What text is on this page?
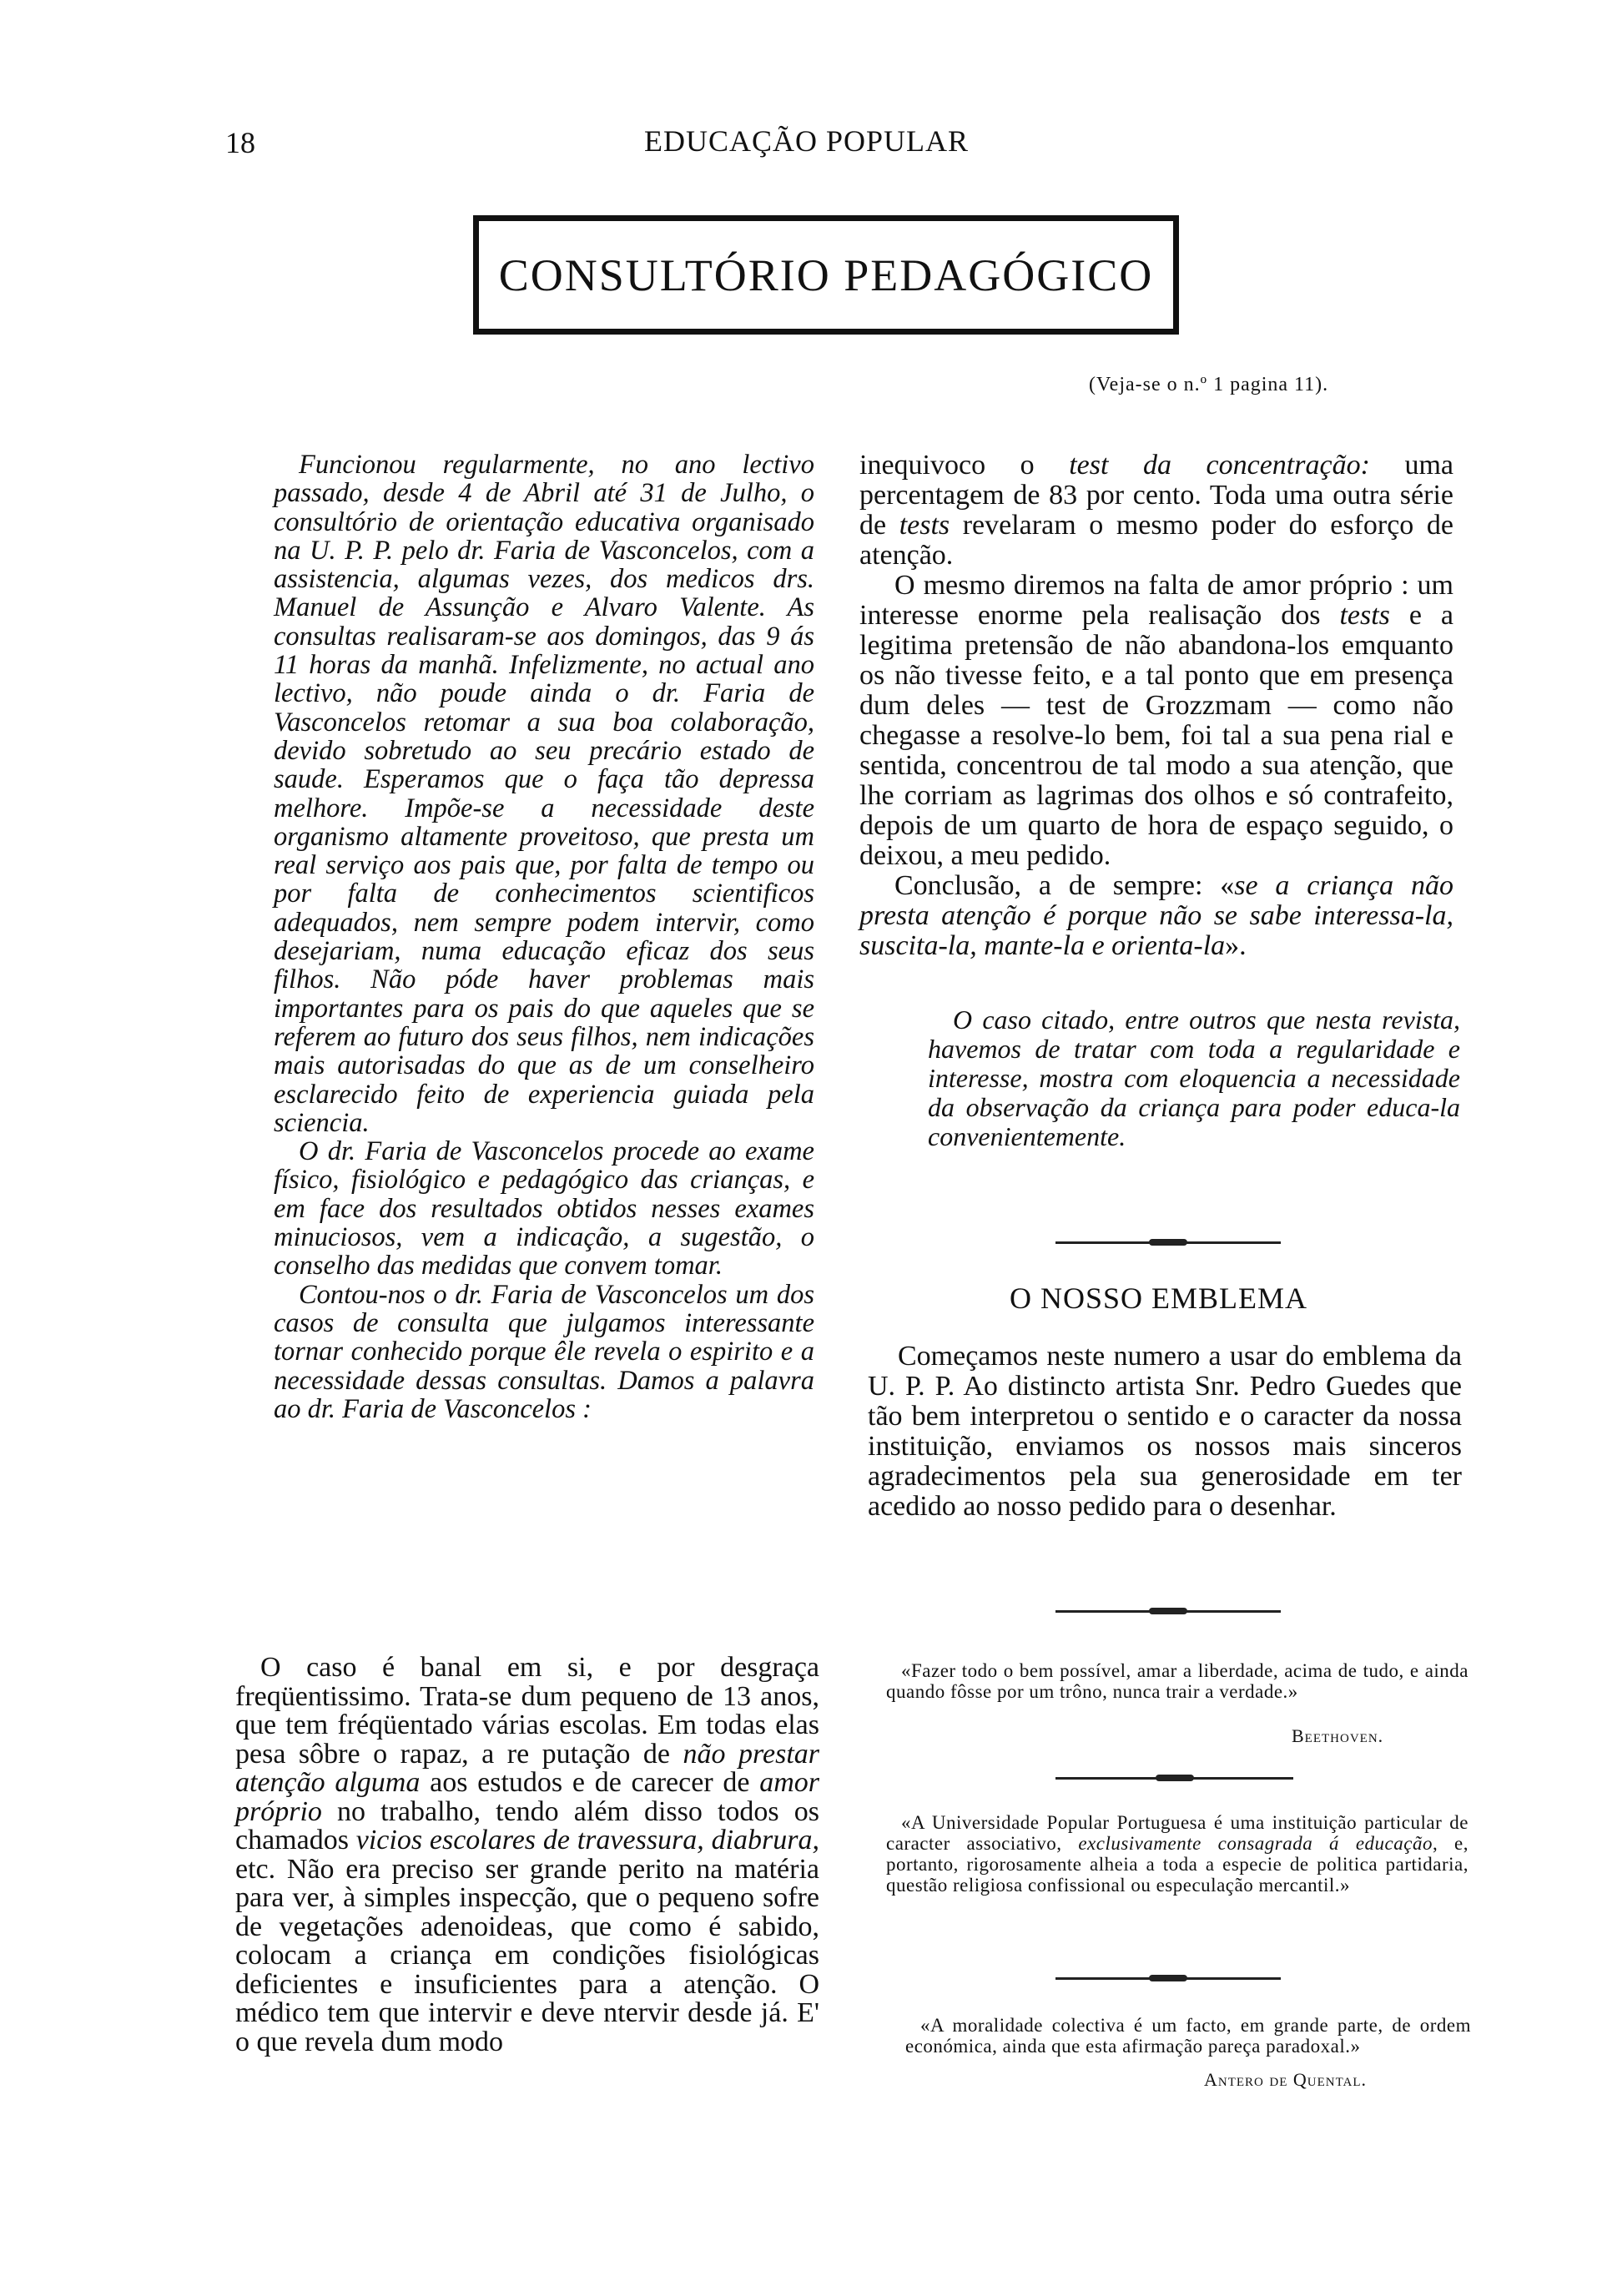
18	EDUCAÇÃO POPULAR
CONSULTÓRIO PEDAGÓGICO
(Veja-se o n.º 1 pagina 11).

Funcionou regularmente, no ano lectivo passado, desde 4 de Abril até 31 de Julho, o consultório de orientação educativa organisado na U. P. P. pelo dr. Faria de Vasconcelos, com a assistencia, algumas vezes, dos medicos drs. Manuel de Assunção e Alvaro Valente. As consultas realisaram-se aos domingos, das 9 ás 11 horas da manhã. Infelizmente, no actual ano lectivo, não poude ainda o dr. Faria de Vasconcelos retomar a sua boa colaboração, devido sobretudo ao seu precário estado de saude. Esperamos que o faça tão depressa melhore. Impõe-se a necessidade deste organismo altamente proveitoso, que presta um real serviço aos pais que, por falta de tempo ou por falta de conhecimentos scientificos adequados, nem sempre podem intervir, como desejariam, numa educação eficaz dos seus filhos. Não póde haver problemas mais importantes para os pais do que aqueles que se referem ao futuro dos seus filhos, nem indicações mais autorisadas do que as de um conselheiro esclarecido feito de experiencia guiada pela sciencia.

O dr. Faria de Vasconcelos procede ao exame físico, fisiológico e pedagógico das crianças, e em face dos resultados obtidos nesses exames minuciosos, vem a indicação, a sugestão, o conselho das medidas que convem tomar.

Contou-nos o dr. Faria de Vasconcelos um dos casos de consulta que julgamos interessante tornar conhecido porque êle revela o espirito e a necessidade dessas consultas. Damos a palavra ao dr. Faria de Vasconcelos :

O caso é banal em si, e por desgraça freqüentissimo. Trata-se dum pequeno de 13 anos, que tem fréqüentado várias escolas. Em todas elas pesa sôbre o rapaz, a re putação de não prestar atenção alguma aos estudos e de carecer de amor próprio no trabalho, tendo além disso todos os chamados vicios escolares de travessura, diabrura, etc. Não era preciso ser grande perito na matéria para ver, à simples inspecção, que o pequeno sofre de vegetações adenoideas, que como é sabido, colocam a criança em condições fisiológicas deficientes e insuficientes para a atenção. O médico tem que intervir e deve ntervir desde já. E' o que revela dum modo

inequivoco o test da concentração: uma percentagem de 83 por cento. Toda uma outra série de tests revelaram o mesmo poder do esforço de atenção.

O mesmo diremos na falta de amor próprio : um interesse enorme pela realisação dos tests e a legitima pretensão de não abandona-los emquanto os não tivesse feito, e a tal ponto que em presença dum deles — test de Grozzmam — como não chegasse a resolve-lo bem, foi tal a sua pena rial e sentida, concentrou de tal modo a sua atenção, que lhe corriam as lagrimas dos olhos e só contrafeito, depois de um quarto de hora de espaço seguido, o deixou, a meu pedido.

Conclusão, a de sempre: «se a criança não presta atenção é porque não se sabe interessa-la, suscita-la, mante-la e orienta-la».

O caso citado, entre outros que nesta revista, havemos de tratar com toda a regularidade e interesse, mostra com eloquencia a necessidade da observação da criança para poder educa-la convenientemente.

O NOSSO EMBLEMA

Começamos neste numero a usar do emblema da U. P. P. Ao distincto artista Snr. Pedro Guedes que tão bem interpretou o sentido e o caracter da nossa instituição, enviamos os nossos mais sinceros agradecimentos pela sua generosidade em ter acedido ao nosso pedido para o desenhar.

«Fazer todo o bem possível, amar a liberdade, acima de tudo, e ainda quando fôsse por um trôno, nunca trair a verdade.»

Beethoven.

«A Universidade Popular Portuguesa é uma instituição particular de caracter associativo, exclusivamente consagrada á educação, e, portanto, rigorosamente alheia a toda a especie de politica partidaria, questão religiosa confissional ou especulação mercantil.»

«A moralidade colectiva é um facto, em grande parte, de ordem económica, ainda que esta afirmação pareça paradoxal.»

Antero de Quental.
